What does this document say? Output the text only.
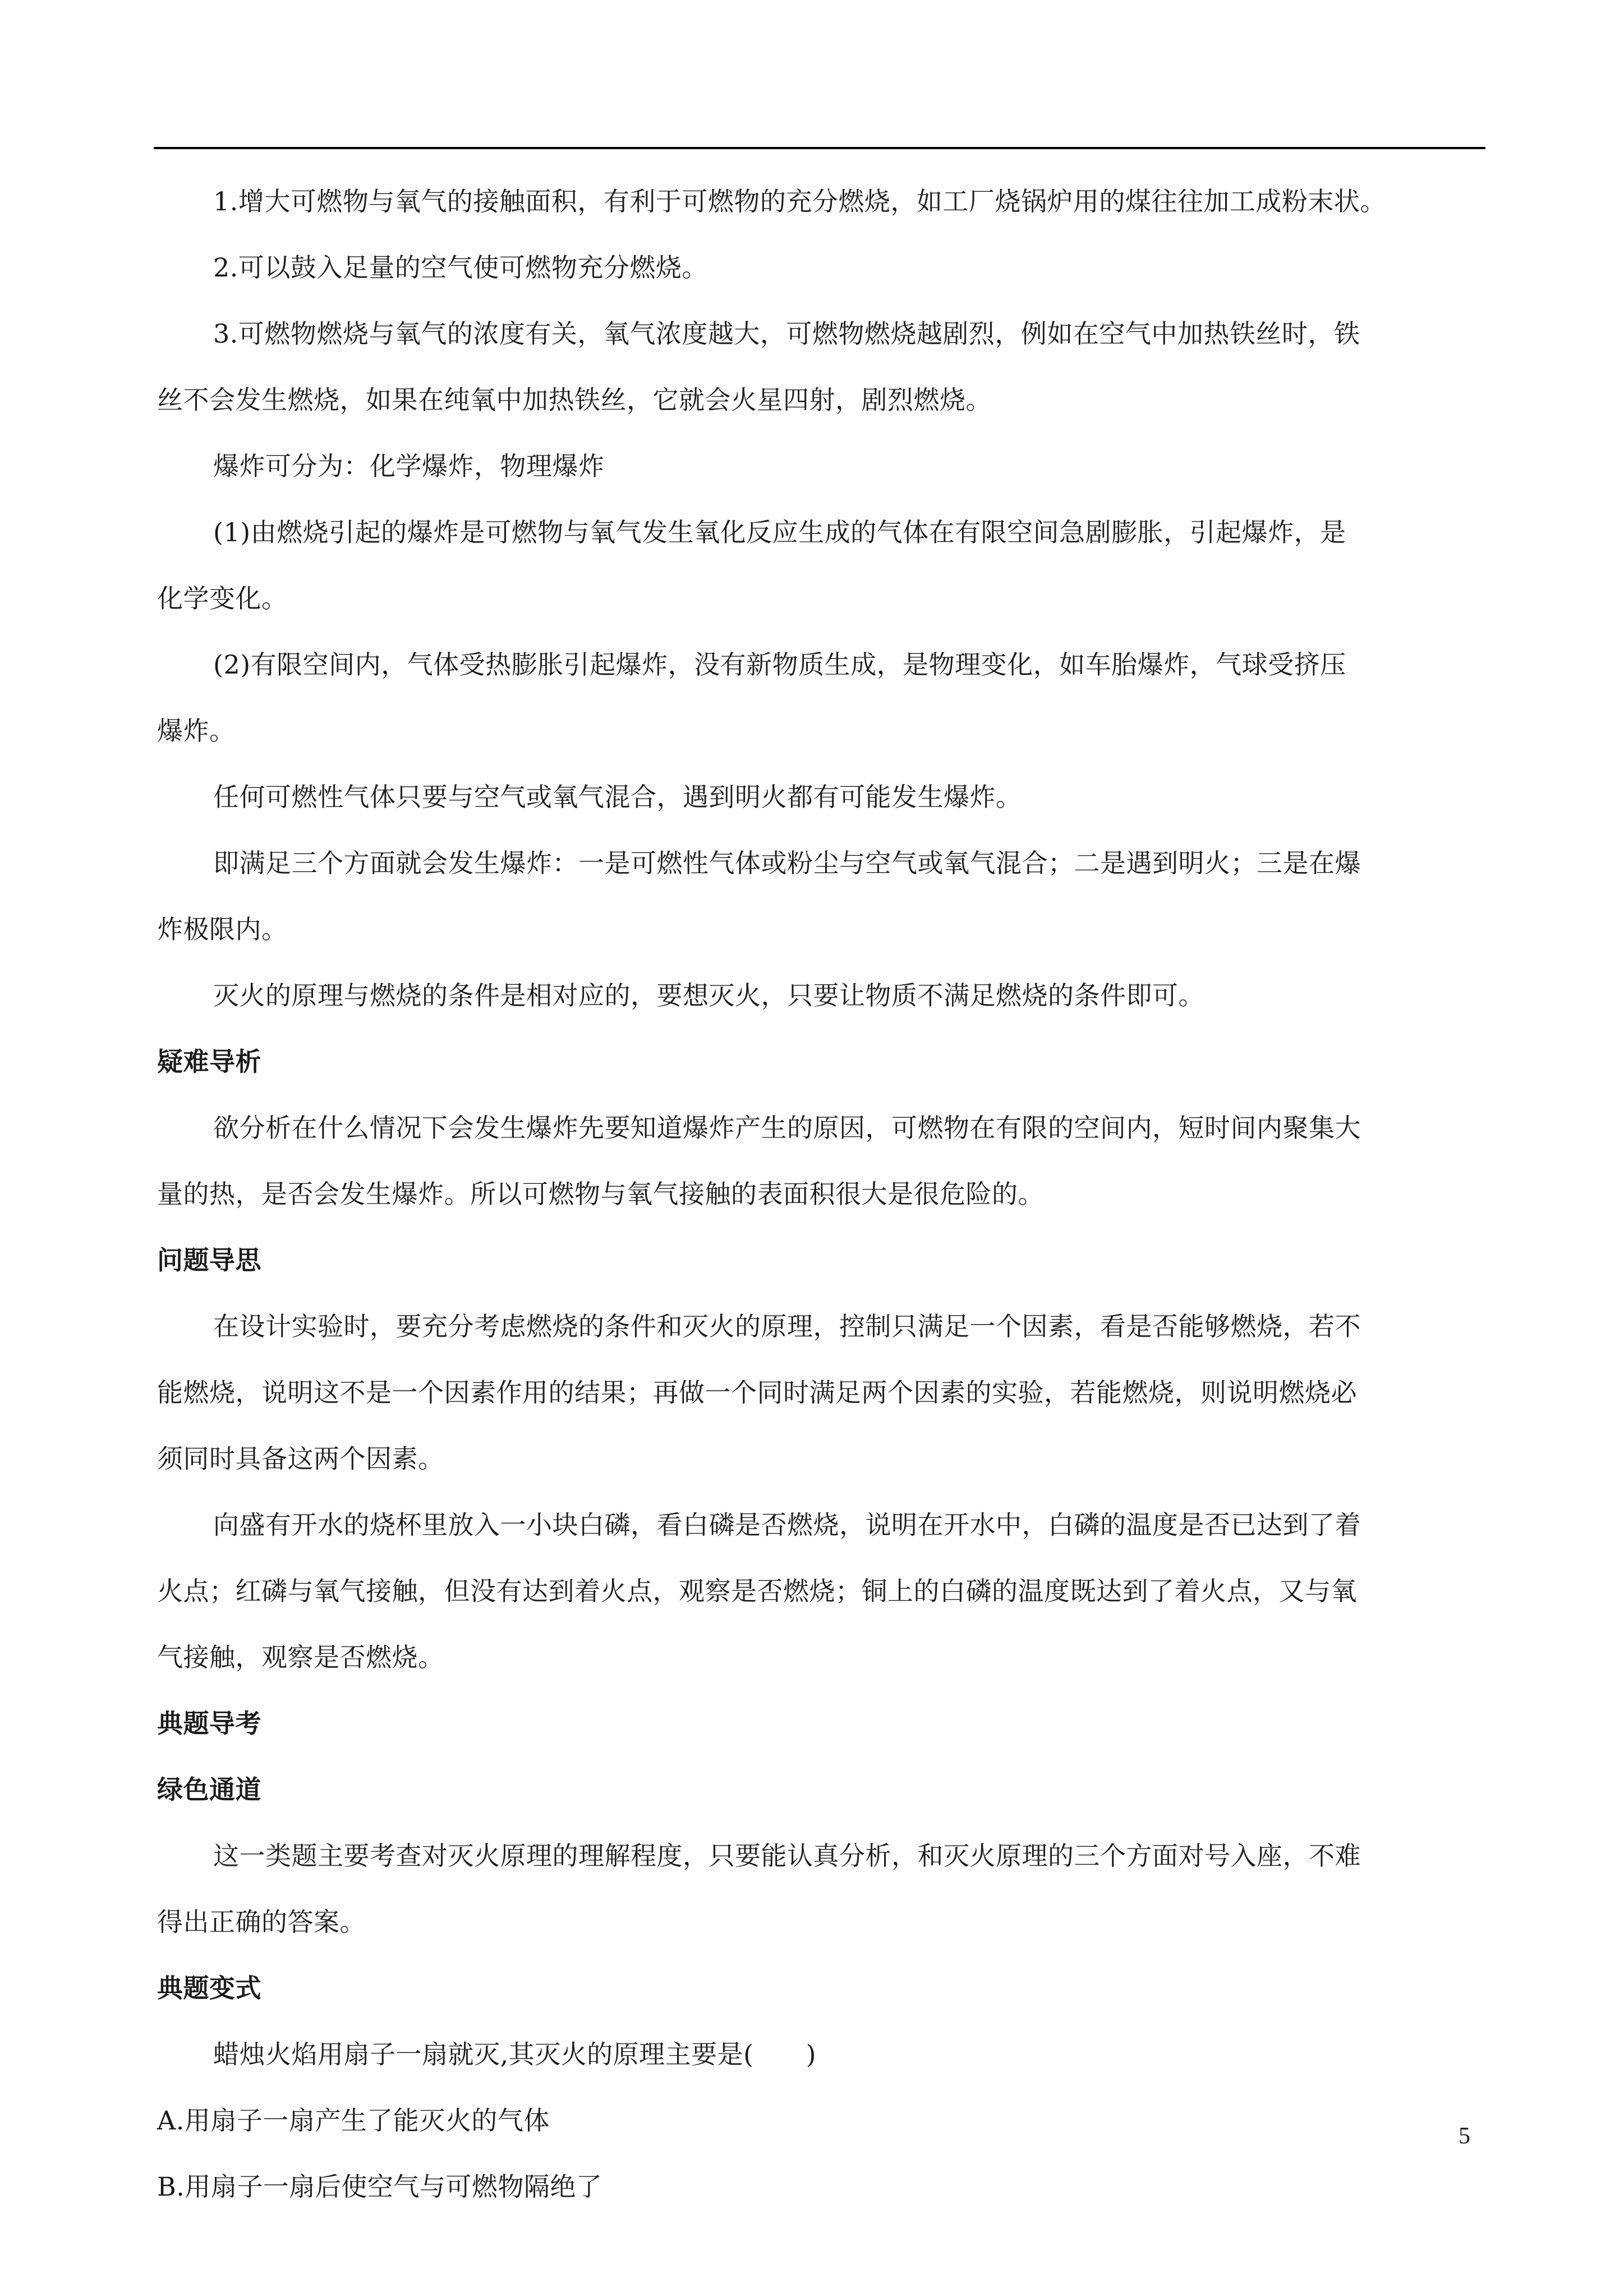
1.增大可燃物与氧气的接触面积，有利于可燃物的充分燃烧，如工厂烧锅炉用的煤往往加工成粉末状。
2.可以鼓入足量的空气使可燃物充分燃烧。
3.可燃物燃烧与氧气的浓度有关，氧气浓度越大，可燃物燃烧越剧烈，例如在空气中加热铁丝时，铁
丝不会发生燃烧，如果在纯氧中加热铁丝，它就会火星四射，剧烈燃烧。
爆炸可分为：化学爆炸，物理爆炸
(1)由燃烧引起的爆炸是可燃物与氧气发生氧化反应生成的气体在有限空间急剧膨胀，引起爆炸，是
化学变化。
(2)有限空间内，气体受热膨胀引起爆炸，没有新物质生成，是物理变化，如车胎爆炸，气球受挤压
爆炸。
任何可燃性气体只要与空气或氧气混合，遇到明火都有可能发生爆炸。
即满足三个方面就会发生爆炸：一是可燃性气体或粉尘与空气或氧气混合；二是遇到明火；三是在爆
炸极限内。
灭火的原理与燃烧的条件是相对应的，要想灭火，只要让物质不满足燃烧的条件即可。
疑难导析
欲分析在什么情况下会发生爆炸先要知道爆炸产生的原因，可燃物在有限的空间内，短时间内聚集大
量的热，是否会发生爆炸。所以可燃物与氧气接触的表面积很大是很危险的。
问题导思
在设计实验时，要充分考虑燃烧的条件和灭火的原理，控制只满足一个因素，看是否能够燃烧，若不
能燃烧，说明这不是一个因素作用的结果；再做一个同时满足两个因素的实验，若能燃烧，则说明燃烧必
须同时具备这两个因素。
向盛有开水的烧杯里放入一小块白磷，看白磷是否燃烧，说明在开水中，白磷的温度是否已达到了着
火点；红磷与氧气接触，但没有达到着火点，观察是否燃烧；铜上的白磷的温度既达到了着火点，又与氧
气接触，观察是否燃烧。
典题导考
绿色通道
这一类题主要考查对灭火原理的理解程度，只要能认真分析，和灭火原理的三个方面对号入座，不难
得出正确的答案。
典题变式
蜡烛火焰用扇子一扇就灭,其灭火的原理主要是(　　)
A.用扇子一扇产生了能灭火的气体
B.用扇子一扇后使空气与可燃物隔绝了
5
